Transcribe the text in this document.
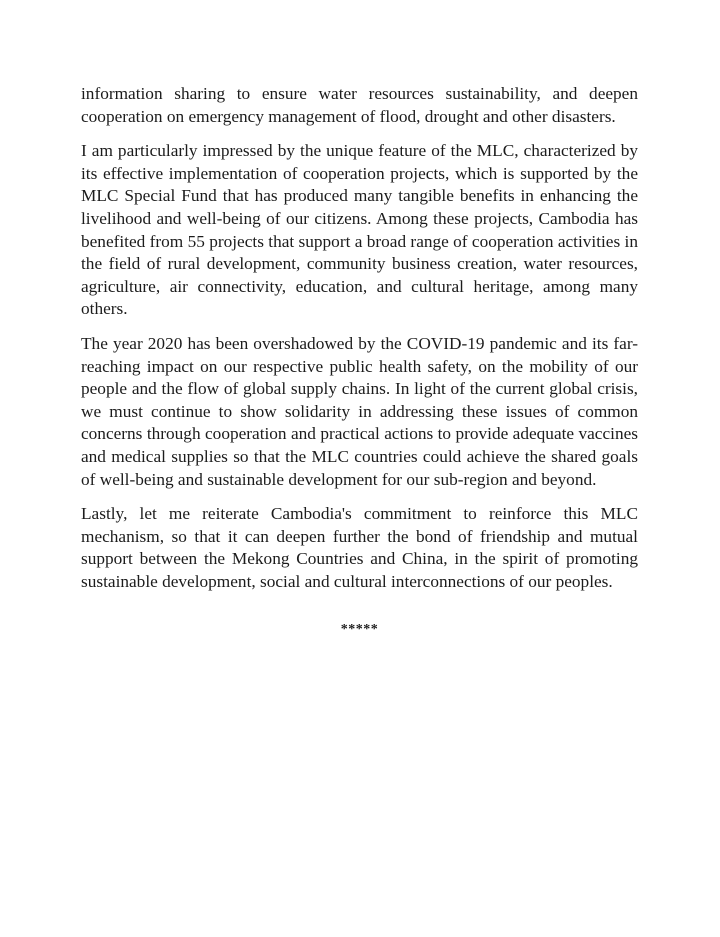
information sharing to ensure water resources sustainability, and deepen cooperation on emergency management of flood, drought and other disasters.

I am particularly impressed by the unique feature of the MLC, characterized by its effective implementation of cooperation projects, which is supported by the MLC Special Fund that has produced many tangible benefits in enhancing the livelihood and well-being of our citizens. Among these projects, Cambodia has benefited from 55 projects that support a broad range of cooperation activities in the field of rural development, community business creation, water resources, agriculture, air connectivity, education, and cultural heritage, among many others.

The year 2020 has been overshadowed by the COVID-19 pandemic and its far-reaching impact on our respective public health safety, on the mobility of our people and the flow of global supply chains. In light of the current global crisis, we must continue to show solidarity in addressing these issues of common concerns through cooperation and practical actions to provide adequate vaccines and medical supplies so that the MLC countries could achieve the shared goals of well-being and sustainable development for our sub-region and beyond.

Lastly, let me reiterate Cambodia's commitment to reinforce this MLC mechanism, so that it can deepen further the bond of friendship and mutual support between the Mekong Countries and China, in the spirit of promoting sustainable development, social and cultural interconnections of our peoples.

*****
